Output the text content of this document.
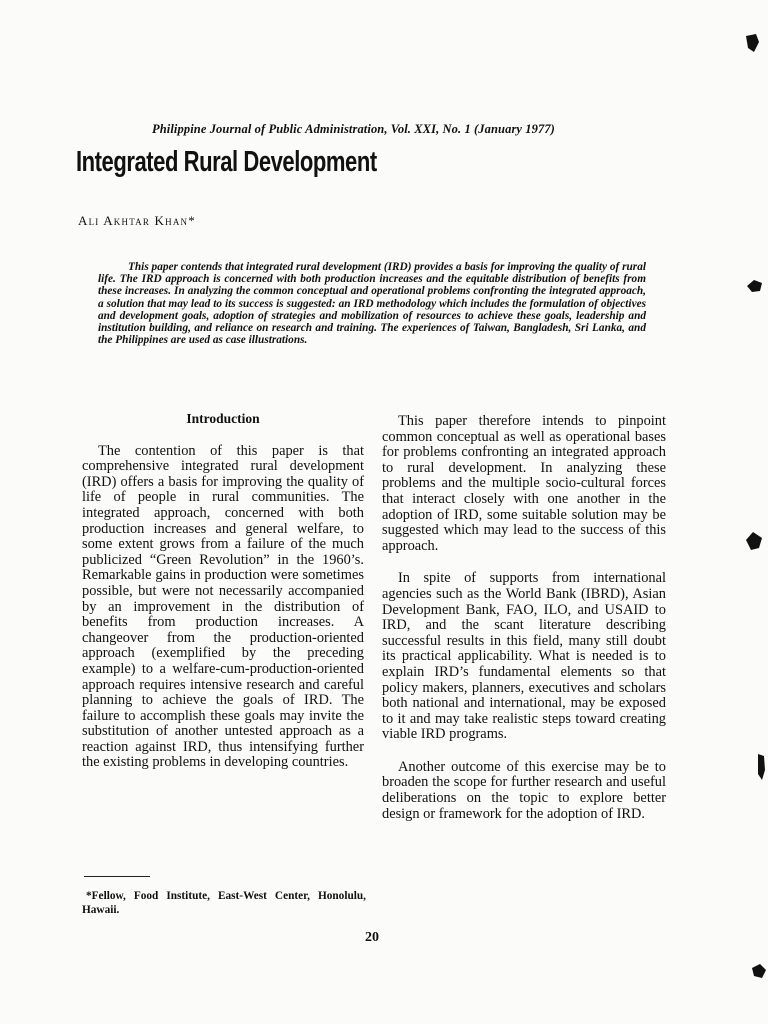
Philippine Journal of Public Administration, Vol. XXI, No. 1 (January 1977)
Integrated Rural Development
Ali Akhtar Khan*

This paper contends that integrated rural development (IRD) provides a basis for improving the quality of rural life. The IRD approach is concerned with both production increases and the equitable distribution of benefits from these increases. In analyzing the common conceptual and operational problems confronting the integrated approach, a solution that may lead to its success is suggested: an IRD methodology which includes the formulation of objectives and development goals, adoption of strategies and mobilization of resources to achieve these goals, leadership and institution building, and reliance on research and training. The experiences of Taiwan, Bangladesh, Sri Lanka, and the Philippines are used as case illustrations.

Introduction

The contention of this paper is that comprehensive integrated rural development (IRD) offers a basis for improving the quality of life of people in rural communities. The integrated approach, concerned with both production increases and general welfare, to some extent grows from a failure of the much publicized “Green Revolution” in the 1960’s. Remarkable gains in production were sometimes possible, but were not necessarily accompanied by an improvement in the distribution of benefits from production increases. A changeover from the production-oriented approach (exemplified by the preceding example) to a welfare-cum-production-oriented approach requires intensive research and careful planning to achieve the goals of IRD. The failure to accomplish these goals may invite the substitution of another untested approach as a reaction against IRD, thus intensifying further the existing problems in developing countries.

This paper therefore intends to pinpoint common conceptual as well as operational bases for problems confronting an integrated approach to rural development. In analyzing these problems and the multiple socio-cultural forces that interact closely with one another in the adoption of IRD, some suitable solution may be suggested which may lead to the success of this approach.

In spite of supports from international agencies such as the World Bank (IBRD), Asian Development Bank, FAO, ILO, and USAID to IRD, and the scant literature describing successful results in this field, many still doubt its practical applicability. What is needed is to explain IRD’s fundamental elements so that policy makers, planners, executives and scholars both national and international, may be exposed to it and may take realistic steps toward creating viable IRD programs.

Another outcome of this exercise may be to broaden the scope for further research and useful deliberations on the topic to explore better design or framework for the adoption of IRD.

*Fellow, Food Institute, East-West Center, Honolulu, Hawaii.

20
